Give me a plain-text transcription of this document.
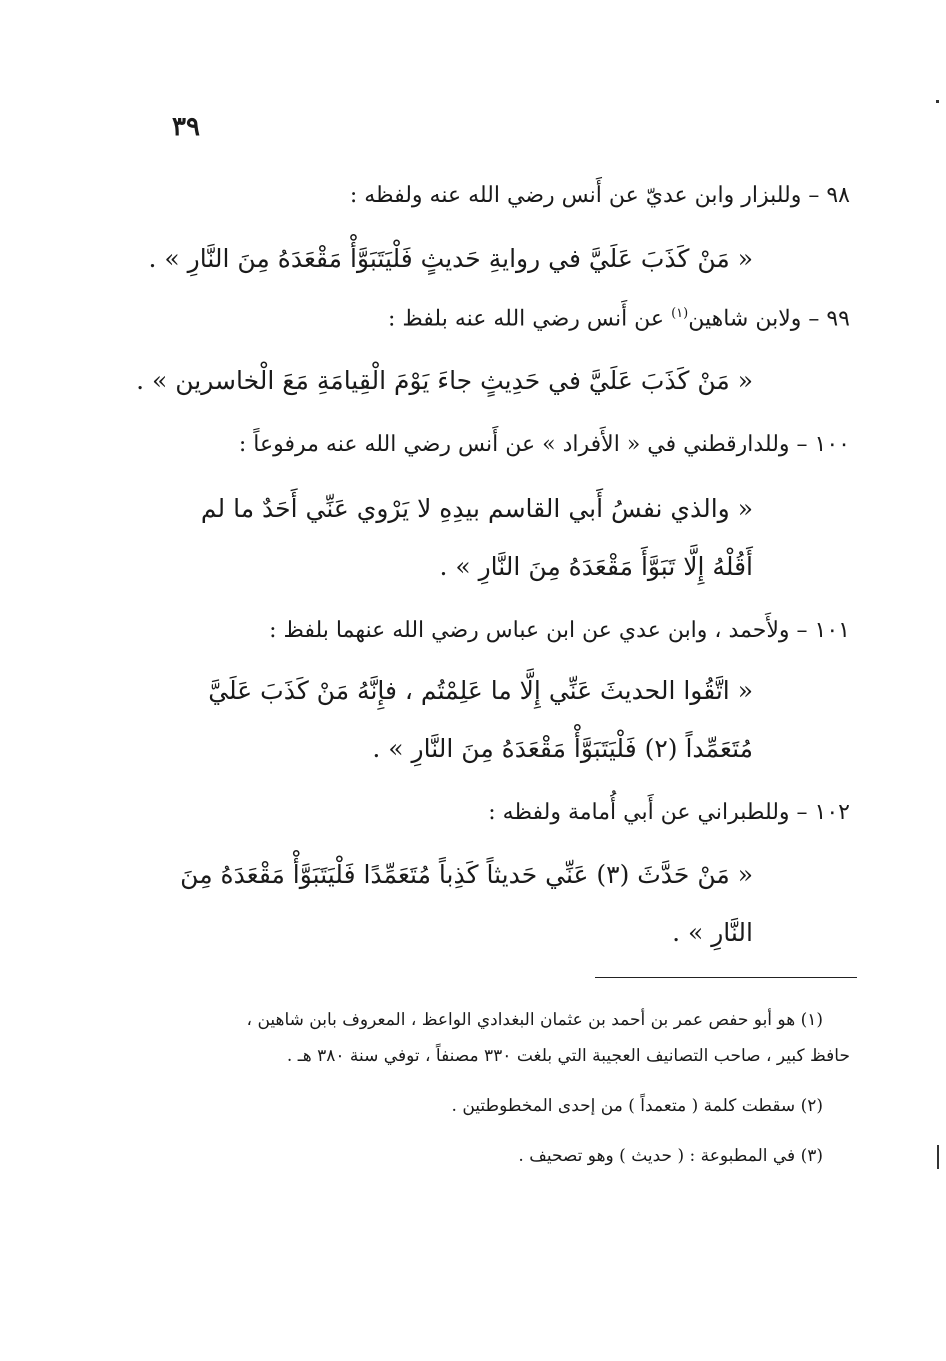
٣٩
٩٨ – وللبزار وابن عديّ عن أَنس رضي الله عنه ولفظه :
« مَنْ كَذَبَ عَلَيَّ في روايةِ حَديثٍ فَلْيَتَبَوَّأْ مَقْعَدَهُ مِنَ النَّارِ » .
٩٩ – ولابن شاهين$^{(١)}$ عن أَنس رضي الله عنه بلفظ :
« مَنْ كَذَبَ عَلَيَّ في حَدِيثٍ جاءَ يَوْمَ الْقِيامَةِ مَعَ الْخاسرين » .
١٠٠ – وللدارقطني في « الأَفراد » عن أَنس رضي الله عنه مرفوعاً :
« والذي نفسُ أَبي القاسم بيدِهِ لا يَرْوي عَنِّي أَحَدٌ ما لم
أَقُلْهُ إِلَّا تَبَوَّأَ مَقْعَدَهُ مِنَ النَّارِ » .
١٠١ – ولأَحمد ، وابن عدي عن ابن عباس رضي الله عنهما بلفظ :
« اتَّقُوا الحديثَ عَنِّي إِلَّا ما عَلِمْتُم ، فإِنَّهُ مَنْ كَذَبَ عَلَيَّ
مُتَعَمِّداً (٢) فَلْيَتَبَوَّأْ مَقْعَدَهُ مِنَ النَّارِ » .
١٠٢ – وللطبراني عن أَبي أُمامة ولفظه :
« مَنْ حَدَّثَ (٣) عَنِّي حَديثاً كَذِباً مُتَعَمِّدًا فَلْيَتَبَوَّأْ مَقْعَدَهُ مِنَ
النَّارِ » .
(١) هو أبو حفص عمر بن أحمد بن عثمان البغدادي الواعظ ، المعروف بابن شاهين ،
حافظ كبير ، صاحب التصانيف العجيبة التي بلغت ٣٣٠ مصنفاً ، توفي سنة ٣٨٠ هـ .
(٢) سقطت كلمة ( متعمداً ) من إحدى المخطوطتين .
(٣) في المطبوعة : ( حديث ) وهو تصحيف .
